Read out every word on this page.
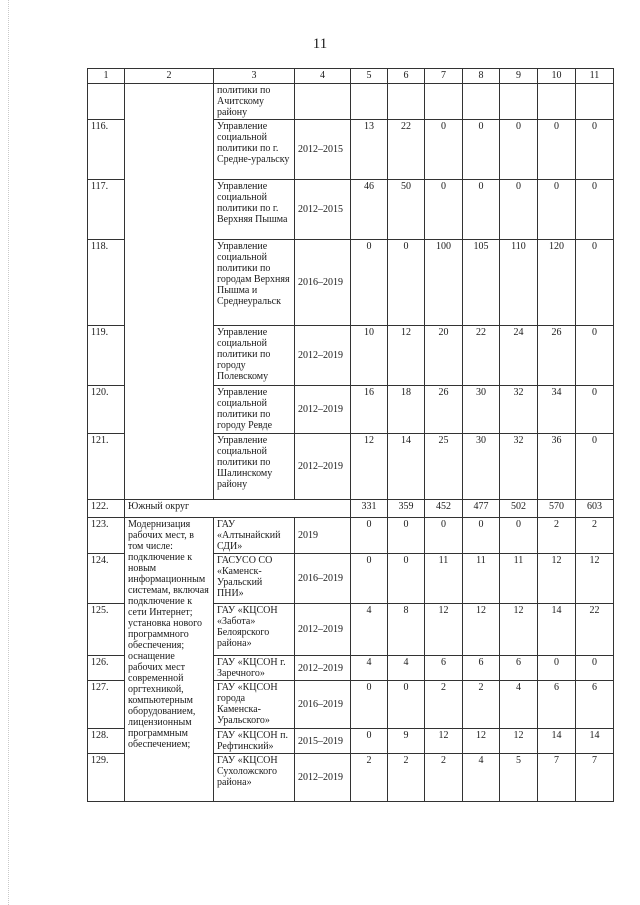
11
1	2	3	4	5	6	7	8	9	10	11
		политики по Ачитскому району								
116.		Управление социальной политики по г. Средне-уральску	2012–2015	13	22	0	0	0	0	0
117.		Управление социальной политики по г. Верхняя Пышма	2012–2015	46	50	0	0	0	0	0
118.		Управление социальной политики по городам Верхняя Пышма и Среднеуральск	2016–2019	0	0	100	105	110	120	0
119.		Управление социальной политики по городу Полевскому	2012–2019	10	12	20	22	24	26	0
120.		Управление социальной политики по городу Ревде	2012–2019	16	18	26	30	32	34	0
121.		Управление социальной политики по Шалинскому району	2012–2019	12	14	25	30	32	36	0
122.	Южный округ			331	359	452	477	502	570	603
123.	Модернизация рабочих мест, в том числе: подключение к новым информационным системам, включая подключение к сети Интернет; установка нового программного обеспечения; оснащение рабочих мест современной оргтехникой, компьютерным оборудованием, лицензионным программным обеспечением;	ГАУ «Алтынайский СДИ»	2019	0	0	0	0	0	2	2
124.		ГАСУСО СО «Каменск-Уральский ПНИ»	2016–2019	0	0	11	11	11	12	12
125.		ГАУ «КЦСОН «Забота» Белоярского района»	2012–2019	4	8	12	12	12	14	22
126.		ГАУ «КЦСОН г. Заречного»	2012–2019	4	4	6	6	6	0	0
127.		ГАУ «КЦСОН города Каменска-Уральского»	2016–2019	0	0	2	2	4	6	6
128.		ГАУ «КЦСОН п. Рефтинский»	2015–2019	0	9	12	12	12	14	14
129.		ГАУ «КЦСОН Сухоложского района»	2012–2019	2	2	2	4	5	7	7
